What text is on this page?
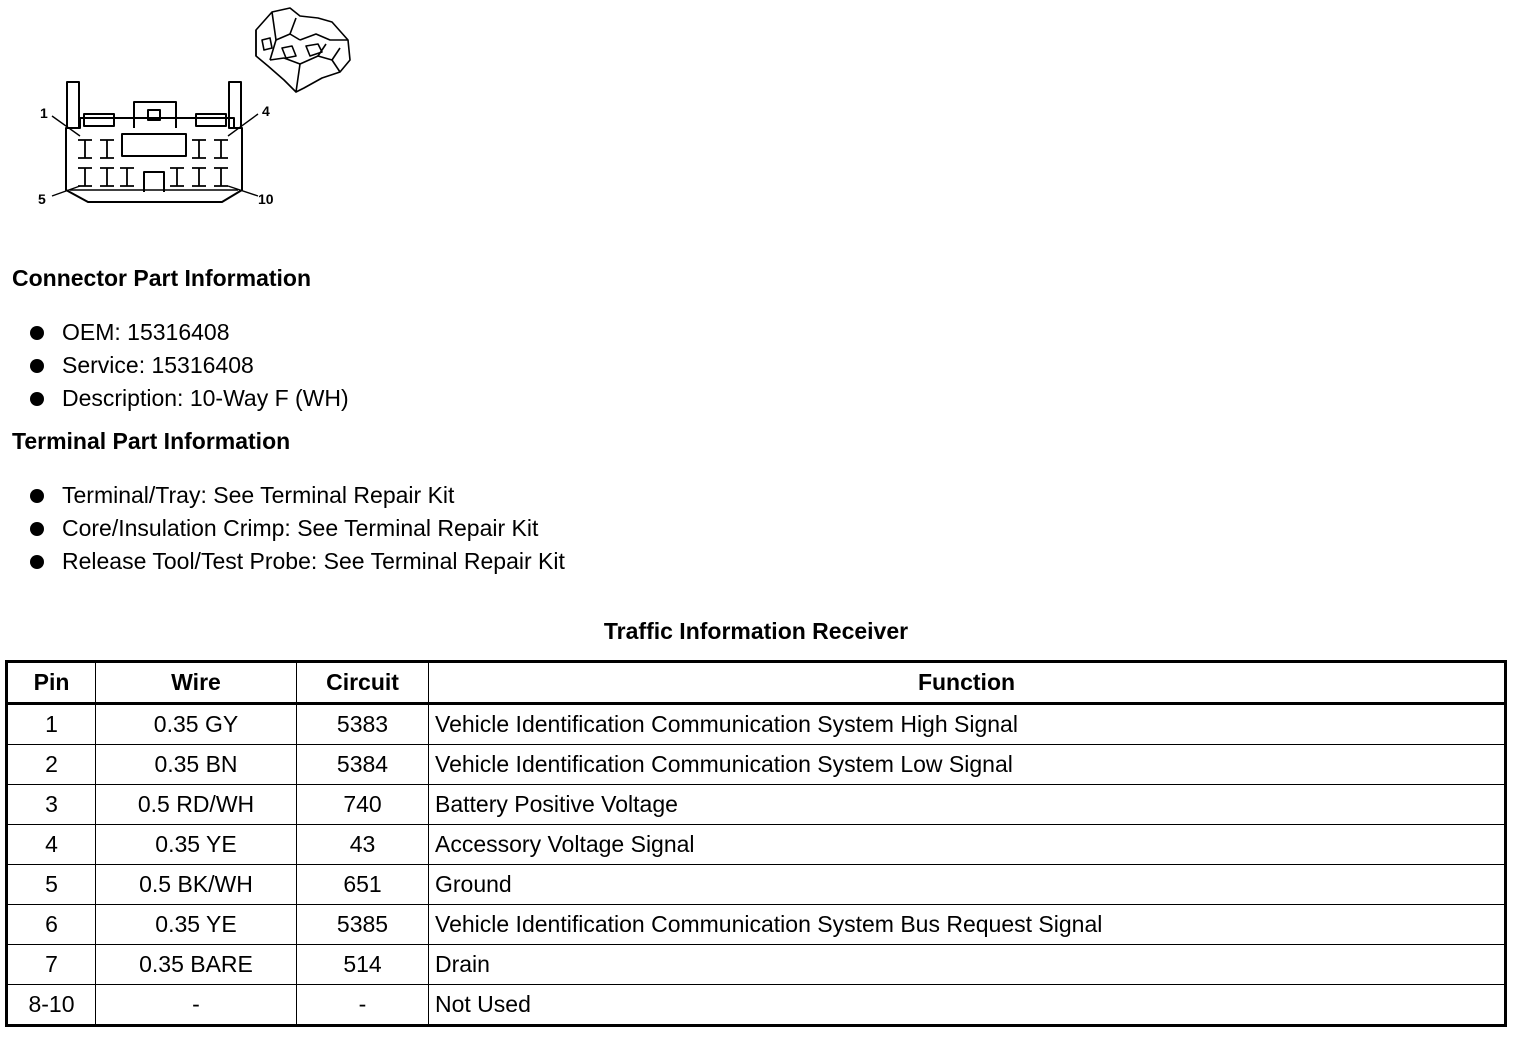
1	4
5	10
Connector Part Information
OEM: 15316408
Service: 15316408
Description: 10-Way F (WH)
Terminal Part Information
Terminal/Tray: See Terminal Repair Kit
Core/Insulation Crimp: See Terminal Repair Kit
Release Tool/Test Probe: See Terminal Repair Kit
Traffic Information Receiver
Pin	Wire	Circuit	Function
1	0.35 GY	5383	Vehicle Identification Communication System High Signal
2	0.35 BN	5384	Vehicle Identification Communication System Low Signal
3	0.5 RD/WH	740	Battery Positive Voltage
4	0.35 YE	43	Accessory Voltage Signal
5	0.5 BK/WH	651	Ground
6	0.35 YE	5385	Vehicle Identification Communication System Bus Request Signal
7	0.35 BARE	514	Drain
8-10	-	-	Not Used
